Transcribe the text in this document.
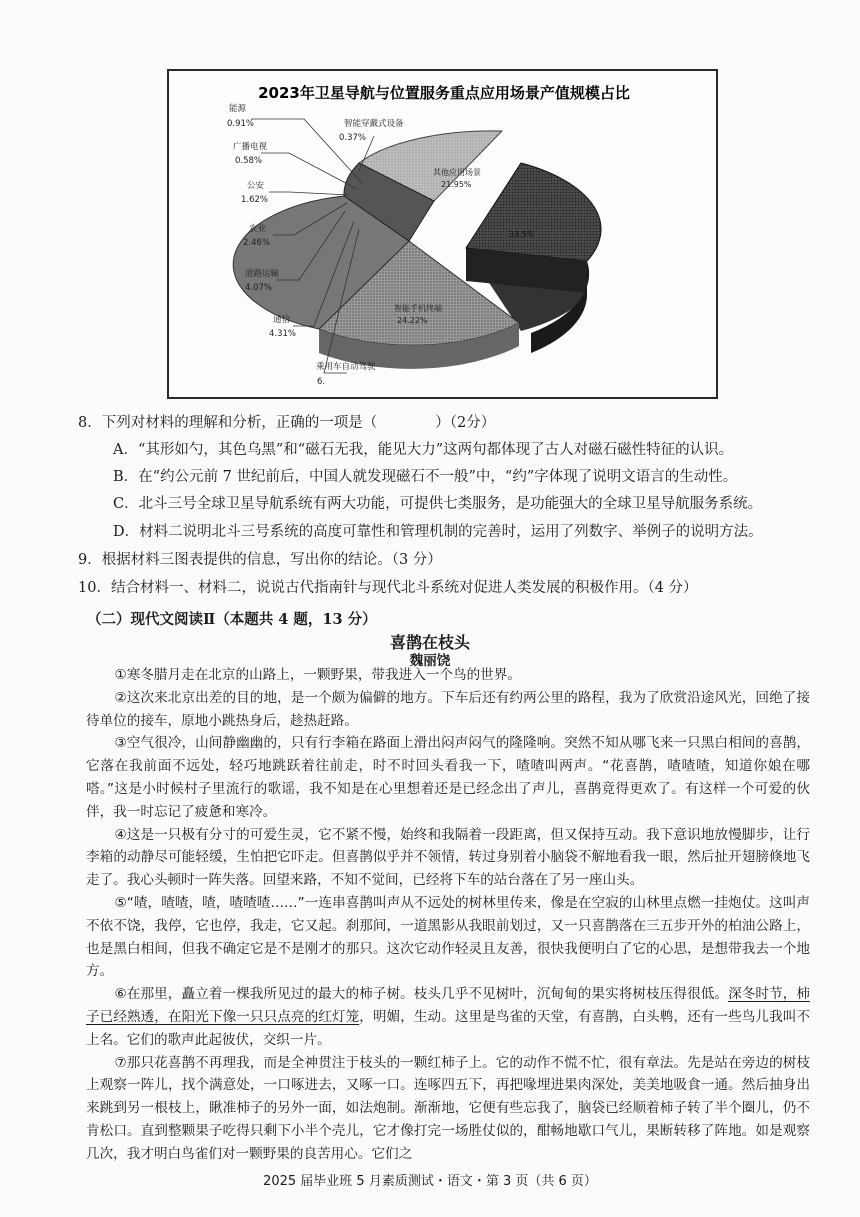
2023年卫星导航与位置服务重点应用场景产值规模占比
其他应用场景
21.95%
智能手机终端
24.22%
33.5%
能源
0.91%	智能穿戴式设备
0.37%
广播电视
0.58%
公安
1.62%
农业
2.46%
道路运输
4.07%
通信
4.31%
乘用车自动驾驶
6.
8．下列对材料的理解和分析，正确的一项是（　　　　）（2分）
A．“其形如勺，其色乌黑”和“磁石无我，能见大力”这两句都体现了古人对磁石磁性特征的认识。
B．在“约公元前 7 世纪前后，中国人就发现磁石不一般”中，“约”字体现了说明文语言的生动性。
C．北斗三号全球卫星导航系统有两大功能，可提供七类服务，是功能强大的全球卫星导航服务系统。
D．材料二说明北斗三号系统的高度可靠性和管理机制的完善时，运用了列数字、举例子的说明方法。
9．根据材料三图表提供的信息，写出你的结论。（3 分）
10．结合材料一、材料二，说说古代指南针与现代北斗系统对促进人类发展的积极作用。（4 分）
（二）现代文阅读Ⅱ（本题共 4 题，13 分）
喜鹊在枝头
魏丽饶

①寒冬腊月走在北京的山路上，一颗野果，带我进入一个鸟的世界。

②这次来北京出差的目的地，是一个颇为偏僻的地方。下车后还有约两公里的路程，我为了欣赏沿途风光，回绝了接待单位的接车，原地小跳热身后，趁热赶路。

③空气很冷，山间静幽幽的，只有行李箱在路面上滑出闷声闷气的隆隆响。突然不知从哪飞来一只黑白相间的喜鹊，它落在我前面不远处，轻巧地跳跃着往前走，时不时回头看我一下，喳喳叫两声。“花喜鹊，喳喳喳，知道你娘在哪嗒。”这是小时候村子里流行的歌谣，我不知是在心里想着还是已经念出了声儿，喜鹊竟得更欢了。有这样一个可爱的伙伴，我一时忘记了疲惫和寒冷。

④这是一只极有分寸的可爱生灵，它不紧不慢，始终和我隔着一段距离，但又保持互动。我下意识地放慢脚步，让行李箱的动静尽可能轻缓，生怕把它吓走。但喜鹊似乎并不领情，转过身别着小脑袋不解地看我一眼，然后扯开翅膀倏地飞走了。我心头顿时一阵失落。回望来路，不知不觉间，已经将下车的站台落在了另一座山头。

⑤“喳，喳喳，喳，喳喳喳……”一连串喜鹊叫声从不远处的树林里传来，像是在空寂的山林里点燃一挂炮仗。这叫声不依不饶，我停，它也停，我走，它又起。刹那间，一道黑影从我眼前划过，又一只喜鹊落在三五步开外的柏油公路上，也是黑白相间，但我不确定它是不是刚才的那只。这次它动作轻灵且友善，很快我便明白了它的心思，是想带我去一个地方。

⑥在那里，矗立着一棵我所见过的最大的柿子树。枝头几乎不见树叶，沉甸甸的果实将树枝压得很低。深冬时节，柿子已经熟透，在阳光下像一只只点亮的红灯笼，明媚，生动。这里是鸟雀的天堂，有喜鹊，白头鹎，还有一些鸟儿我叫不上名。它们的歌声此起彼伏，交织一片。

⑦那只花喜鹊不再理我，而是全神贯注于枝头的一颗红柿子上。它的动作不慌不忙，很有章法。先是站在旁边的树枝上观察一阵儿，找个满意处，一口啄进去，又啄一口。连啄四五下，再把喙埋进果肉深处，美美地吸食一通。然后抽身出来跳到另一根枝上，瞅准柿子的另外一面，如法炮制。渐渐地，它便有些忘我了，脑袋已经顺着柿子转了半个圈儿，仍不肯松口。直到整颗果子吃得只剩下小半个壳儿，它才像打完一场胜仗似的，酣畅地歇口气儿，果断转移了阵地。如是观察几次，我才明白鸟雀们对一颗野果的良苦用心。它们之

2025 届毕业班 5 月素质测试・语文・第 3 页（共 6 页）
